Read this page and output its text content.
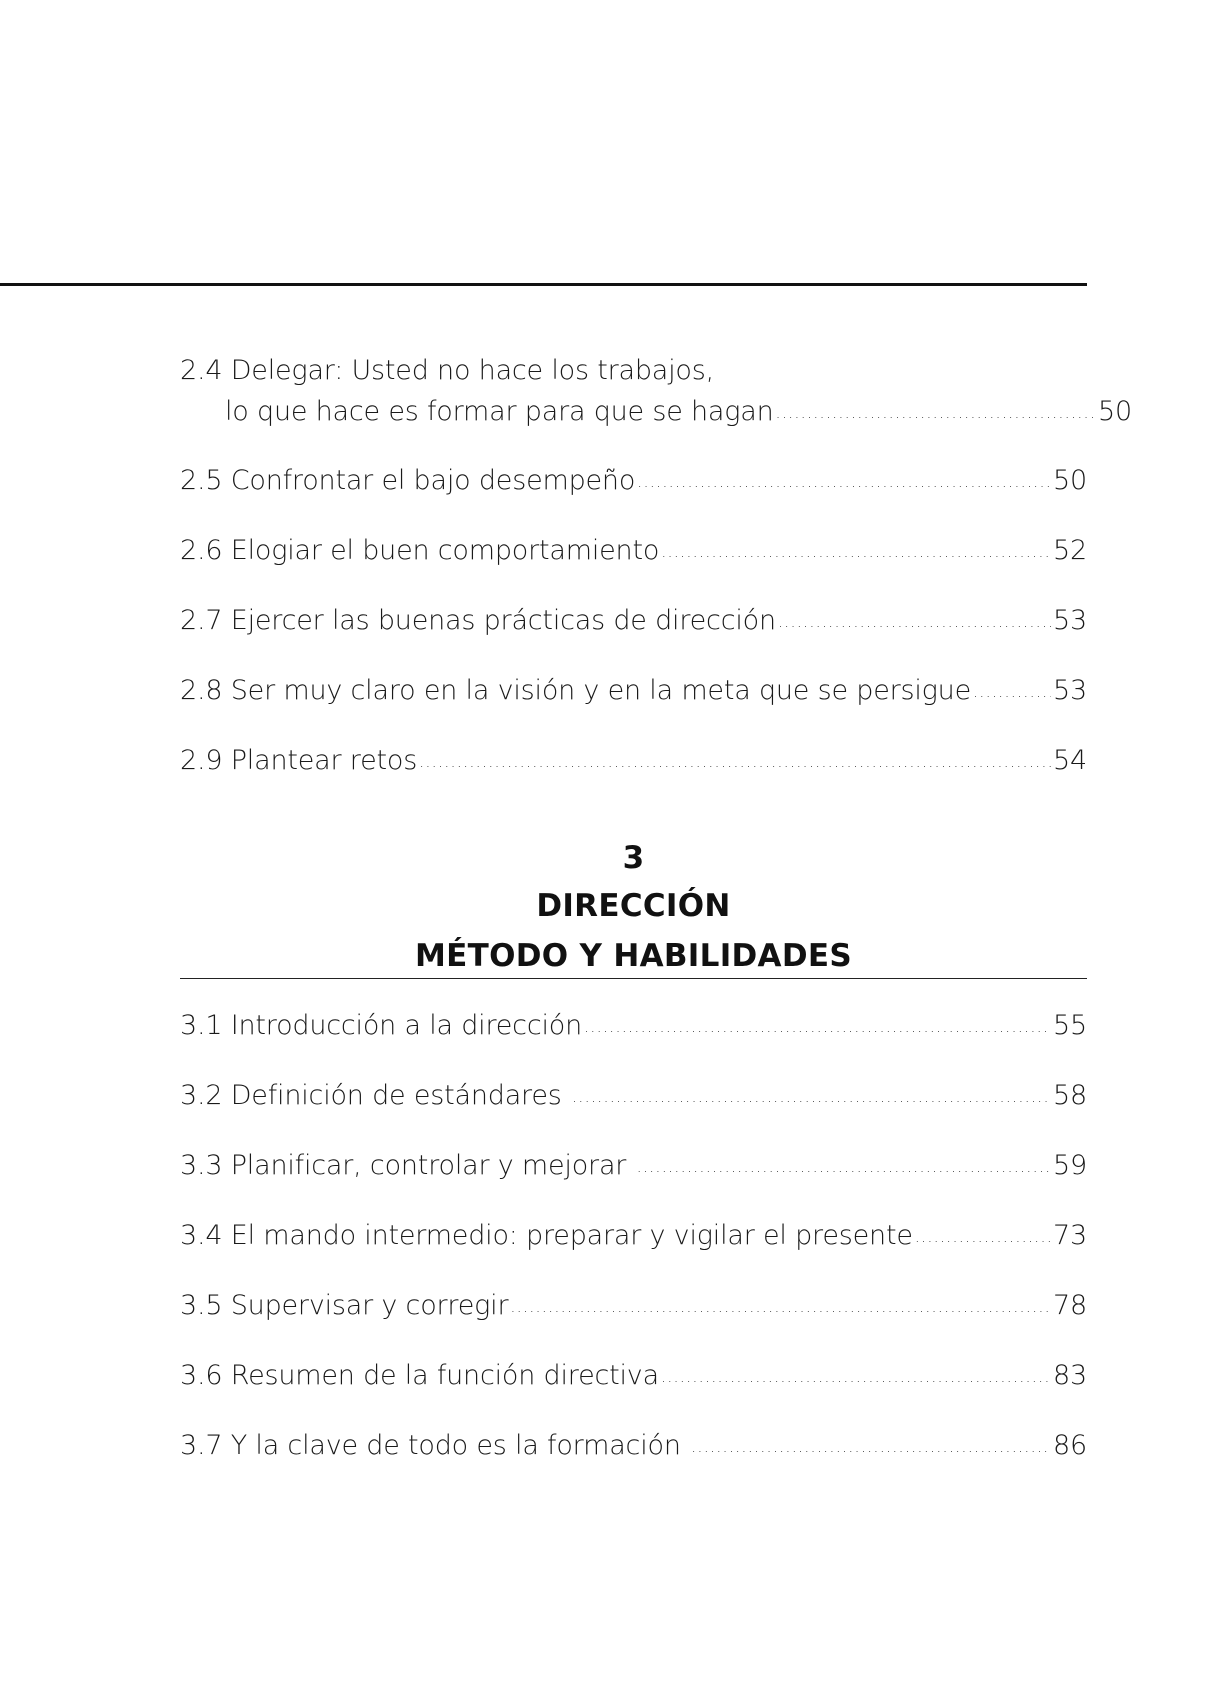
2.4 Delegar: Usted no hace los trabajos,
lo que hace es formar para que se hagan .....	50
2.5 Confrontar el bajo desempeño .....	50
2.6 Elogiar el buen comportamiento .....	52
2.7 Ejercer las buenas prácticas de dirección .....	53
2.8 Ser muy claro en la visión y en la meta que se persigue .....	53
2.9 Plantear retos .....	54
3
DIRECCIÓN
MÉTODO Y HABILIDADES
3.1 Introducción a la dirección .....	55
3.2 Definición de estándares .....	58
3.3 Planificar, controlar y mejorar .....	59
3.4 El mando intermedio: preparar y vigilar el presente .....	73
3.5 Supervisar y corregir .....	78
3.6 Resumen de la función directiva .....	83
3.7 Y la clave de todo es la formación .....	86
